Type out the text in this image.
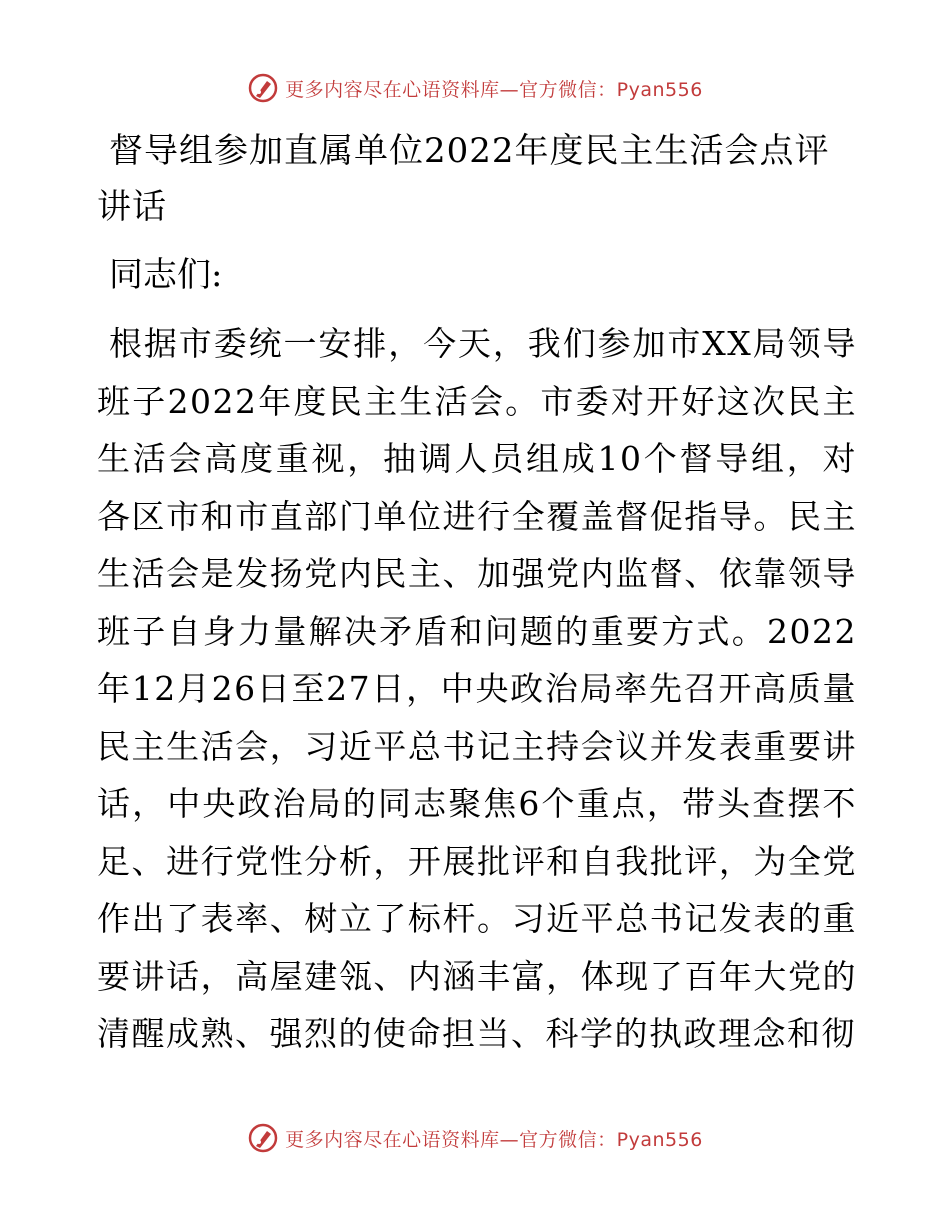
更多内容尽在心语资料库—官方微信：Pyan556
督导组参加直属单位2022年度民主生活会点评讲话

同志们:

根据市委统一安排，今天，我们参加市XX局领导班子2022年度民主生活会。市委对开好这次民主生活会高度重视，抽调人员组成10个督导组，对各区市和市直部门单位进行全覆盖督促指导。民主生活会是发扬党内民主、加强党内监督、依靠领导班子自身力量解决矛盾和问题的重要方式。2022年12月26日至27日，中央政治局率先召开高质量民主生活会，习近平总书记主持会议并发表重要讲话，中央政治局的同志聚焦6个重点，带头查摆不足、进行党性分析，开展批评和自我批评，为全党作出了表率、树立了标杆。习近平总书记发表的重要讲话，高屋建瓴、内涵丰富，体现了百年大党的清醒成熟、强烈的使命担当、科学的执政理念和彻

更多内容尽在心语资料库—官方微信：Pyan556
